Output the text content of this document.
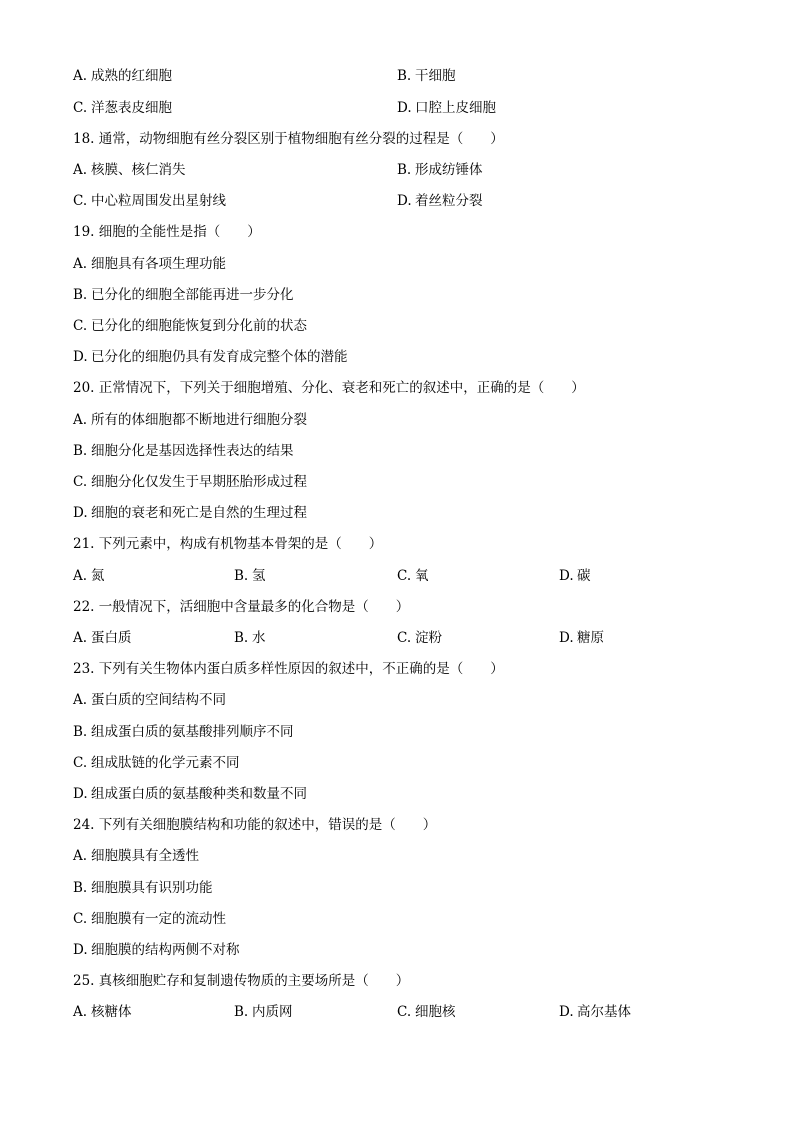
A. 成熟的红细胞	B. 干细胞
C. 洋葱表皮细胞	D. 口腔上皮细胞
18. 通常，动物细胞有丝分裂区别于植物细胞有丝分裂的过程是（　　）
A. 核膜、核仁消失	B. 形成纺锤体
C. 中心粒周围发出星射线	D. 着丝粒分裂
19. 细胞的全能性是指（　　）
A. 细胞具有各项生理功能
B. 已分化的细胞全部能再进一步分化
C. 已分化的细胞能恢复到分化前的状态
D. 已分化的细胞仍具有发育成完整个体的潜能
20. 正常情况下，下列关于细胞增殖、分化、衰老和死亡的叙述中，正确的是（　　）
A. 所有的体细胞都不断地进行细胞分裂
B. 细胞分化是基因选择性表达的结果
C. 细胞分化仅发生于早期胚胎形成过程
D. 细胞的衰老和死亡是自然的生理过程
21. 下列元素中，构成有机物基本骨架的是（　　）
A. 氮	B. 氢	C. 氧	D. 碳
22. 一般情况下，活细胞中含量最多的化合物是（　　）
A. 蛋白质	B. 水	C. 淀粉	D. 糖原
23. 下列有关生物体内蛋白质多样性原因的叙述中，不正确的是（　　）
A. 蛋白质的空间结构不同
B. 组成蛋白质的氨基酸排列顺序不同
C. 组成肽链的化学元素不同
D. 组成蛋白质的氨基酸种类和数量不同
24. 下列有关细胞膜结构和功能的叙述中，错误的是（　　）
A. 细胞膜具有全透性
B. 细胞膜具有识别功能
C. 细胞膜有一定的流动性
D. 细胞膜的结构两侧不对称
25. 真核细胞贮存和复制遗传物质的主要场所是（　　）
A. 核糖体	B. 内质网	C. 细胞核	D. 高尔基体
